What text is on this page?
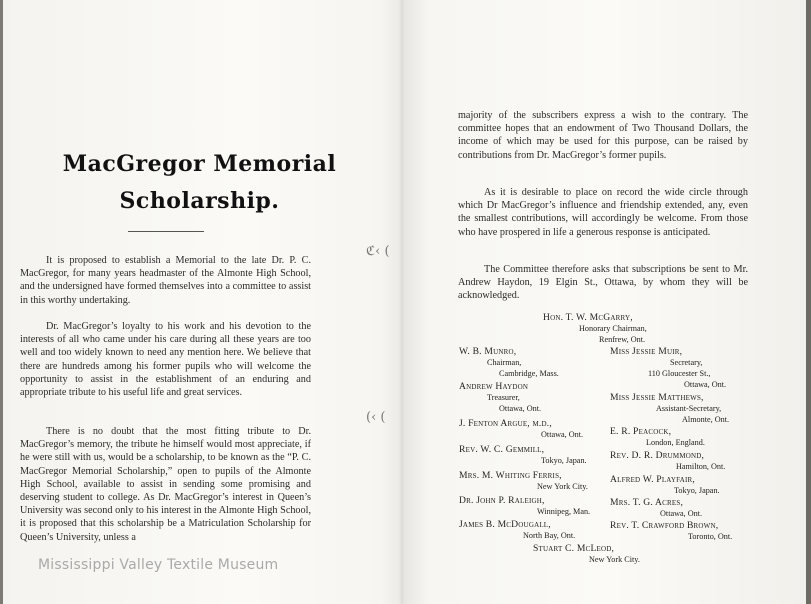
MacGregor Memorial
Scholarship.

It is proposed to establish a Memorial to the late Dr. P. C. MacGregor, for many years headmaster of the Almonte High School, and the undersigned have formed themselves into a committee to assist in this worthy undertaking.

Dr. MacGregor’s loyalty to his work and his devotion to the interests of all who came under his care during all these years are too well and too widely known to need any mention here. We believe that there are hundreds among his former pupils who will welcome the opportunity to assist in the establishment of an enduring and appropriate tribute to his useful life and great services.

There is no doubt that the most fitting tribute to Dr. MacGregor’s memory, the tribute he himself would most appreciate, if he were still with us, would be a scholarship, to be known as the “P. C. MacGregor Memorial Scholarship,” open to pupils of the Almonte High School, available to assist in sending some promising and deserving student to college. As Dr. MacGregor’s interest in Queen’s University was second only to his interest in the Almonte High School, it is proposed that this scholarship be a Matriculation Scholarship for Queen’s University, unless a

ℭ‹ (
(‹ (

majority of the subscribers express a wish to the contrary. The committee hopes that an endowment of Two Thousand Dollars, the income of which may be used for this purpose, can be raised by contributions from Dr. MacGregor’s former pupils.

As it is desirable to place on record the wide circle through which Dr MacGregor’s influence and friendship extended, any, even the smallest contributions, will accordingly be welcome. From those who have prospered in life a generous response is anticipated.

The Committee therefore asks that subscriptions be sent to Mr. Andrew Haydon, 19 Elgin St., Ottawa, by whom they will be acknowledged.

Hon. T. W. McGarry,
Honorary Chairman,
Renfrew, Ont.
W. B. Munro,
Chairman,
Cambridge, Mass.
Andrew Haydon
Treasurer,
Ottawa, Ont.
J. Fenton Argue, m.d.,
Ottawa, Ont.
Rev. W. C. Gemmill,
Tokyo, Japan.
Mrs. M. Whiting Ferris,
New York City.
Dr. John P. Raleigh,
Winnipeg, Man.
James B. McDougall,
North Bay, Ont.
Miss Jessie Muir,
Secretary,
110 Gloucester St.,
Ottawa, Ont.
Miss Jessie Matthews,
Assistant-Secretary,
Almonte, Ont.
E. R. Peacock,
London, England.
Rev. D. R. Drummond,
Hamilton, Ont.
Alfred W. Playfair,
Tokyo, Japan.
Mrs. T. G. Acres,
Ottawa, Ont.
Rev. T. Crawford Brown,
Toronto, Ont.
Stuart C. McLeod,
New York City.
Mississippi Valley Textile Museum
